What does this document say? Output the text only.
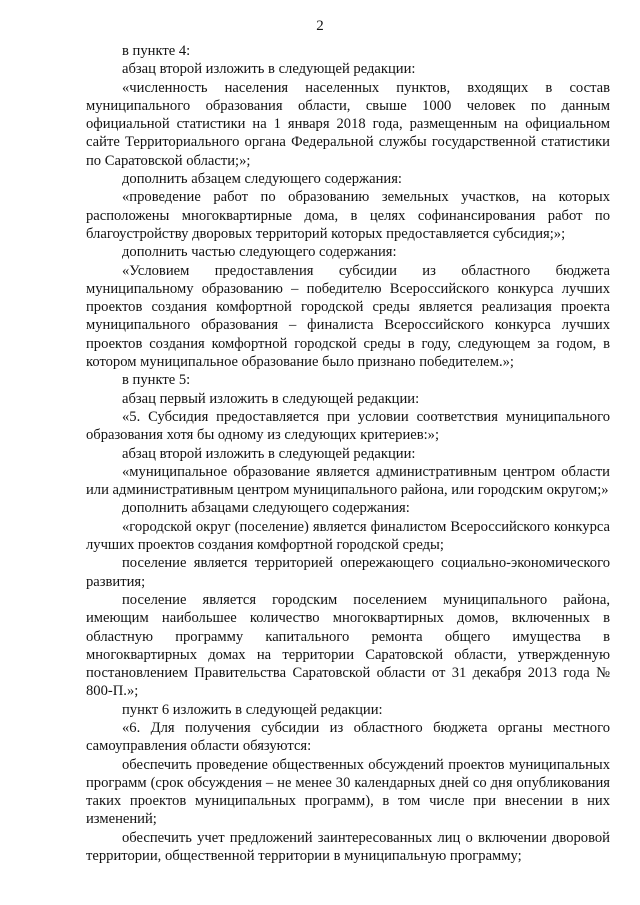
2

в пункте 4:

абзац второй изложить в следующей редакции:

«численность населения населенных пунктов, входящих в состав муниципального образования области, свыше 1000 человек по данным официальной статистики на 1 января 2018 года, размещенным на официальном сайте Территориального органа Федеральной службы государственной статистики по Саратовской области;»;

дополнить абзацем следующего содержания:

«проведение работ по образованию земельных участков, на которых расположены многоквартирные дома, в целях софинансирования работ по благоустройству дворовых территорий которых предоставляется субсидия;»;

дополнить частью следующего содержания:

«Условием предоставления субсидии из областного бюджета муниципальному образованию – победителю Всероссийского конкурса лучших проектов создания комфортной городской среды является реализация проекта муниципального образования – финалиста Всероссийского конкурса лучших проектов создания комфортной городской среды в году, следующем за годом, в котором муниципальное образование было признано победителем.»;

в пункте 5:

абзац первый изложить в следующей редакции:

«5. Субсидия предоставляется при условии соответствия муниципального образования хотя бы одному из следующих критериев:»;

абзац второй изложить в следующей редакции:

«муниципальное образование является административным центром области или административным центром муниципального района, или городским округом;»

дополнить абзацами следующего содержания:

«городской округ (поселение) является финалистом Всероссийского конкурса лучших проектов создания комфортной городской среды;

поселение является территорией опережающего социально-экономического развития;

поселение является городским поселением муниципального района, имеющим наибольшее количество многоквартирных домов, включенных в областную программу капитального ремонта общего имущества в многоквартирных домах на территории Саратовской области, утвержденную постановлением Правительства Саратовской области от 31 декабря 2013 года № 800-П.»;

пункт 6 изложить в следующей редакции:

«6. Для получения субсидии из областного бюджета органы местного самоуправления области обязуются:

обеспечить проведение общественных обсуждений проектов муниципальных программ (срок обсуждения – не менее 30 календарных дней со дня опубликования таких проектов муниципальных программ), в том числе при внесении в них изменений;

обеспечить учет предложений заинтересованных лиц о включении дворовой территории, общественной территории в муниципальную программу;
